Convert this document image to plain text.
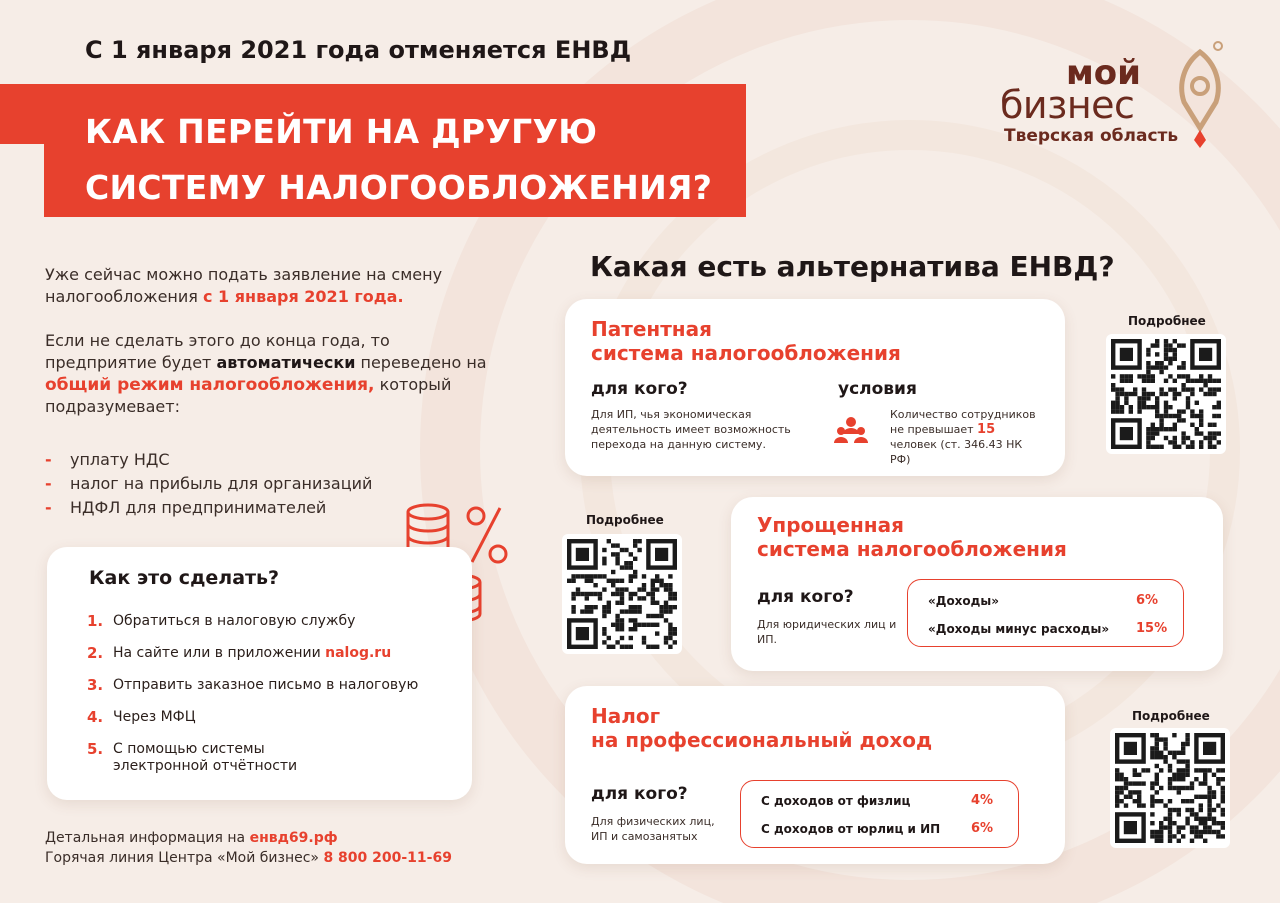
С 1 января 2021 года отменяется ЕНВД
КАК ПЕРЕЙТИ НА ДРУГУЮ
СИСТЕМУ НАЛОГООБЛОЖЕНИЯ?
мой
бизнес
Тверская область

Уже сейчас можно подать заявление на смену налогообложения с 1 января 2021 года.

Если не сделать этого до конца года, то предприятие будет автоматически переведено на общий режим налогообложения, который подразумевает:

- уплату НДС
- налог на прибыль для организаций
- НДФЛ для предпринимателей
Как это сделать?
1. Обратиться в налоговую службу
2. На сайте или в приложении nalog.ru
3. Отправить заказное письмо в налоговую
4. Через МФЦ
5. С помощью системы электронной отчётности
Детальная информация на енвд69.рф
Горячая линия Центра «Мой бизнес» 8 800 200-11-69
Какая есть альтернатива ЕНВД?
Патентная
система налогообложения
для кого?
Для ИП, чья экономическая деятельность имеет возможность перехода на данную систему.
условия
Количество сотрудников не превышает 15 человек (ст. 346.43 НК РФ)
Подробнее
Упрощенная
система налогообложения
для кого?
Для юридических лиц и ИП.
«Доходы»	6%
«Доходы минус расходы» 15%
Подробнее
Налог
на профессиональный доход
для кого?
Для физических лиц, ИП и самозанятых
С доходов от физлиц	4%
С доходов от юрлиц и ИП 6%
Подробнее
